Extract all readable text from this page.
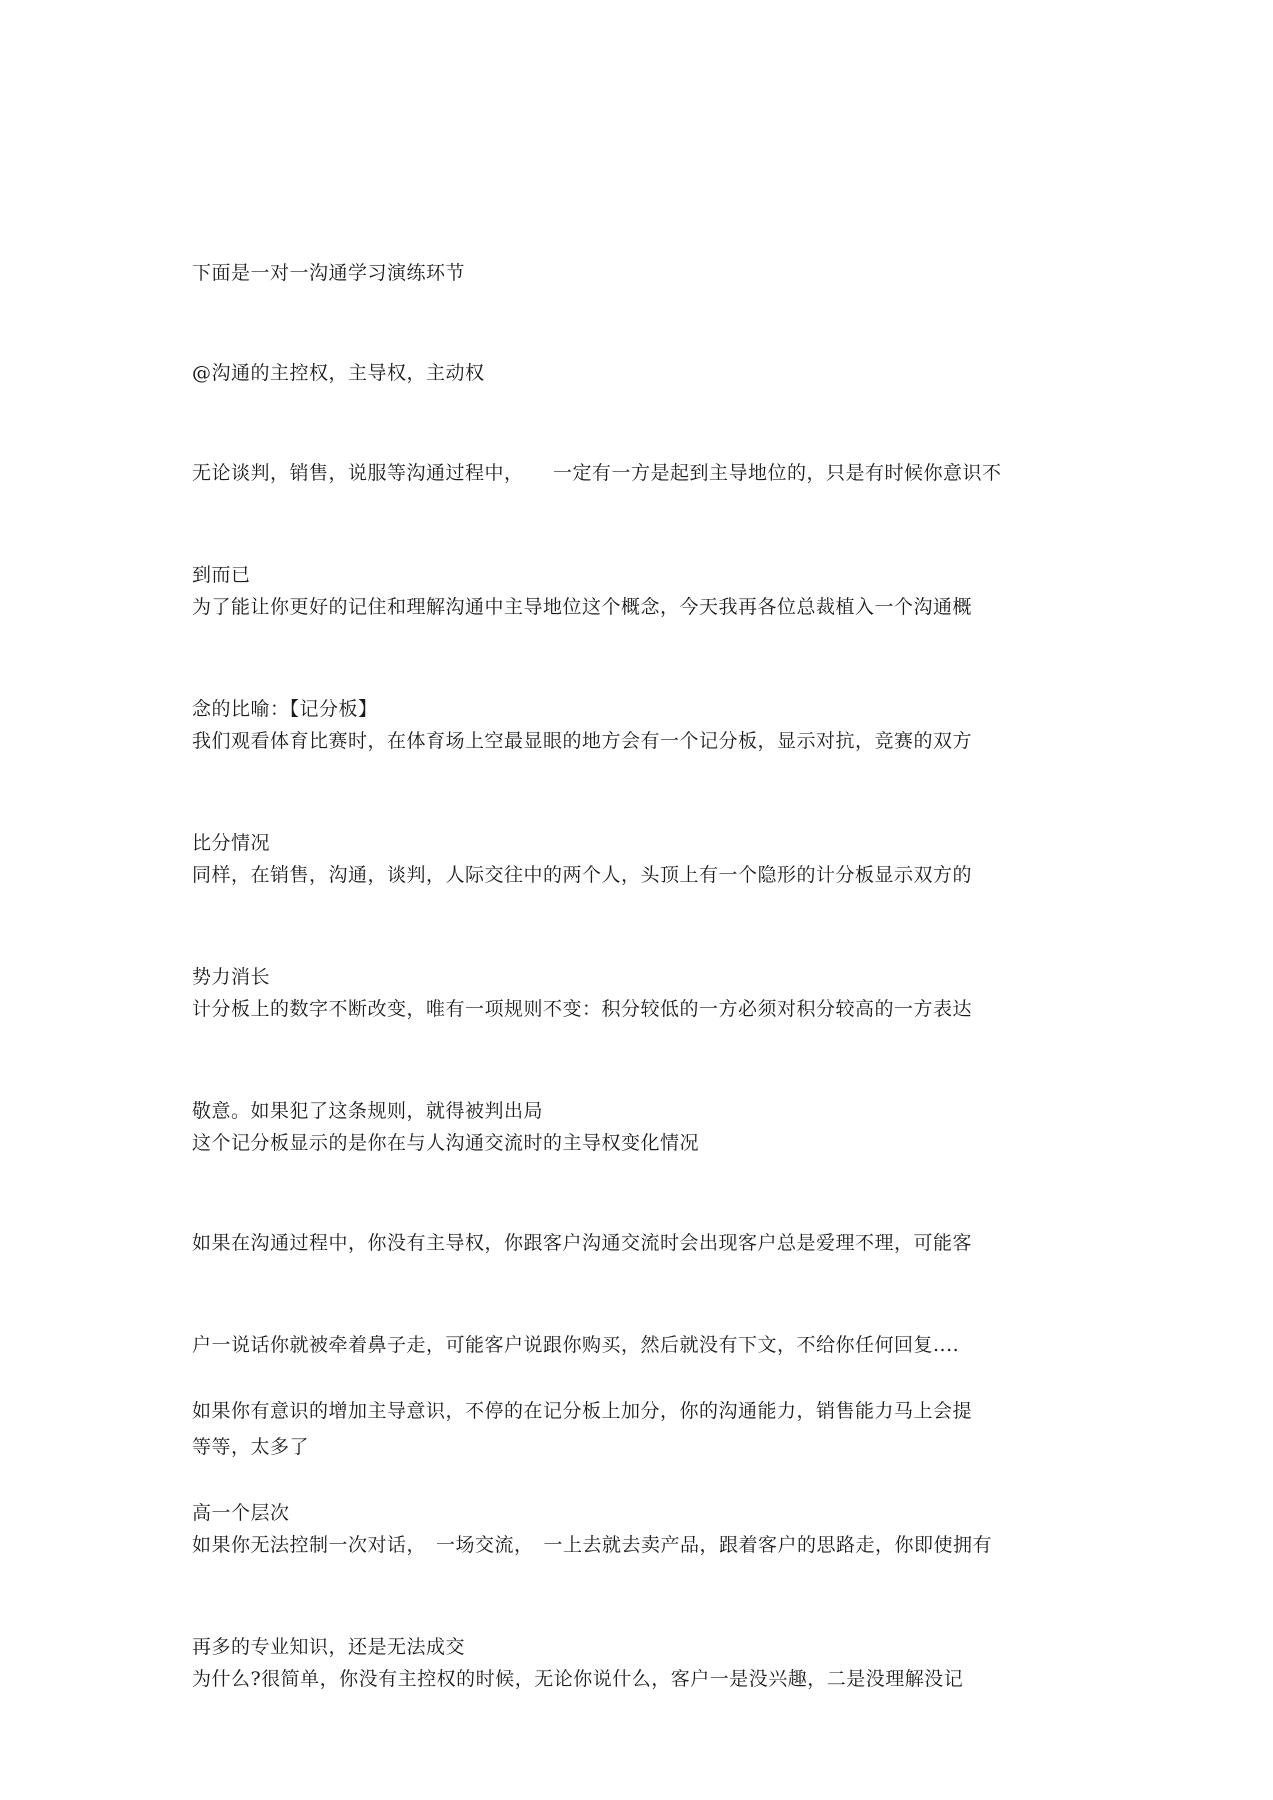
下面是一对一沟通学习演练环节

@沟通的主控权，主导权，主动权

无论谈判，销售，说服等沟通过程中，　　一定有一方是起到主导地位的，只是有时候你意识不

到而已

为了能让你更好的记住和理解沟通中主导地位这个概念，今天我再各位总裁植入一个沟通概

念的比喻：【记分板】

我们观看体育比赛时，在体育场上空最显眼的地方会有一个记分板，显示对抗，竞赛的双方

比分情况

同样，在销售，沟通，谈判，人际交往中的两个人，头顶上有一个隐形的计分板显示双方的

势力消长

计分板上的数字不断改变，唯有一项规则不变：积分较低的一方必须对积分较高的一方表达

敬意。如果犯了这条规则，就得被判出局

这个记分板显示的是你在与人沟通交流时的主导权变化情况

如果在沟通过程中，你没有主导权，你跟客户沟通交流时会出现客户总是爱理不理，可能客

户一说话你就被牵着鼻子走，可能客户说跟你购买，然后就没有下文，不给你任何回复....

等等，太多了

如果你有意识的增加主导意识，不停的在记分板上加分，你的沟通能力，销售能力马上会提

高一个层次

如果你无法控制一次对话，　一场交流，　一上去就去卖产品，跟着客户的思路走，你即使拥有

再多的专业知识，还是无法成交

为什么?很简单，你没有主控权的时候，无论你说什么，客户一是没兴趣，二是没理解没记
